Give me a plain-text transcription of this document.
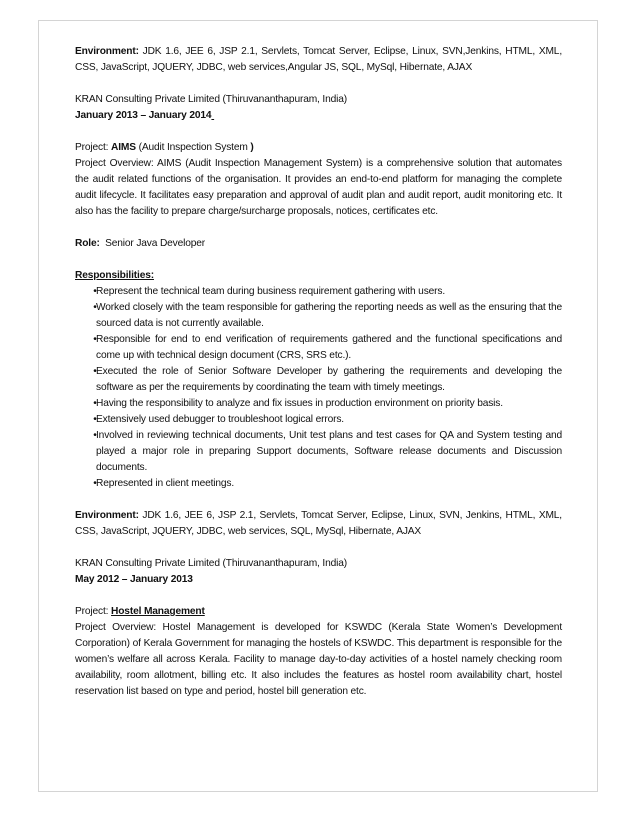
Environment: JDK 1.6, JEE 6, JSP 2.1, Servlets, Tomcat Server, Eclipse, Linux, SVN,Jenkins, HTML, XML, CSS, JavaScript, JQUERY, JDBC, web services,Angular JS, SQL, MySql, Hibernate, AJAX

KRAN Consulting Private Limited (Thiruvananthapuram, India)

January 2013 – January 2014

Project: AIMS (Audit Inspection System )

Project Overview: AIMS (Audit Inspection Management System) is a comprehensive solution that automates the audit related functions of the organisation. It provides an end-to-end platform for managing the complete audit lifecycle. It facilitates easy preparation and approval of audit plan and audit report, audit monitoring etc. It also has the facility to prepare charge/surcharge proposals, notices, certificates etc.

Role: Senior Java Developer

Responsibilities:

• Represent the technical team during business requirement gathering with users.
• Worked closely with the team responsible for gathering the reporting needs as well as the ensuring that the sourced data is not currently available.
• Responsible for end to end verification of requirements gathered and the functional specifications and come up with technical design document (CRS, SRS etc.).
• Executed the role of Senior Software Developer by gathering the requirements and developing the software as per the requirements by coordinating the team with timely meetings.
• Having the responsibility to analyze and fix issues in production environment on priority basis.
• Extensively used debugger to troubleshoot logical errors.
• Involved in reviewing technical documents, Unit test plans and test cases for QA and System testing and played a major role in preparing Support documents, Software release documents and Discussion documents.
• Represented in client meetings.

Environment: JDK 1.6, JEE 6, JSP 2.1, Servlets, Tomcat Server, Eclipse, Linux, SVN, Jenkins, HTML, XML, CSS, JavaScript, JQUERY, JDBC, web services, SQL, MySql, Hibernate, AJAX

KRAN Consulting Private Limited (Thiruvananthapuram, India)

May 2012 – January 2013

Project: Hostel Management

Project Overview: Hostel Management is developed for KSWDC (Kerala State Women’s Development Corporation) of Kerala Government for managing the hostels of KSWDC. This department is responsible for the women’s welfare all across Kerala. Facility to manage day-to-day activities of a hostel namely checking room availability, room allotment, billing etc. It also includes the features as hostel room availability chart, hostel reservation list based on type and period, hostel bill generation etc.
